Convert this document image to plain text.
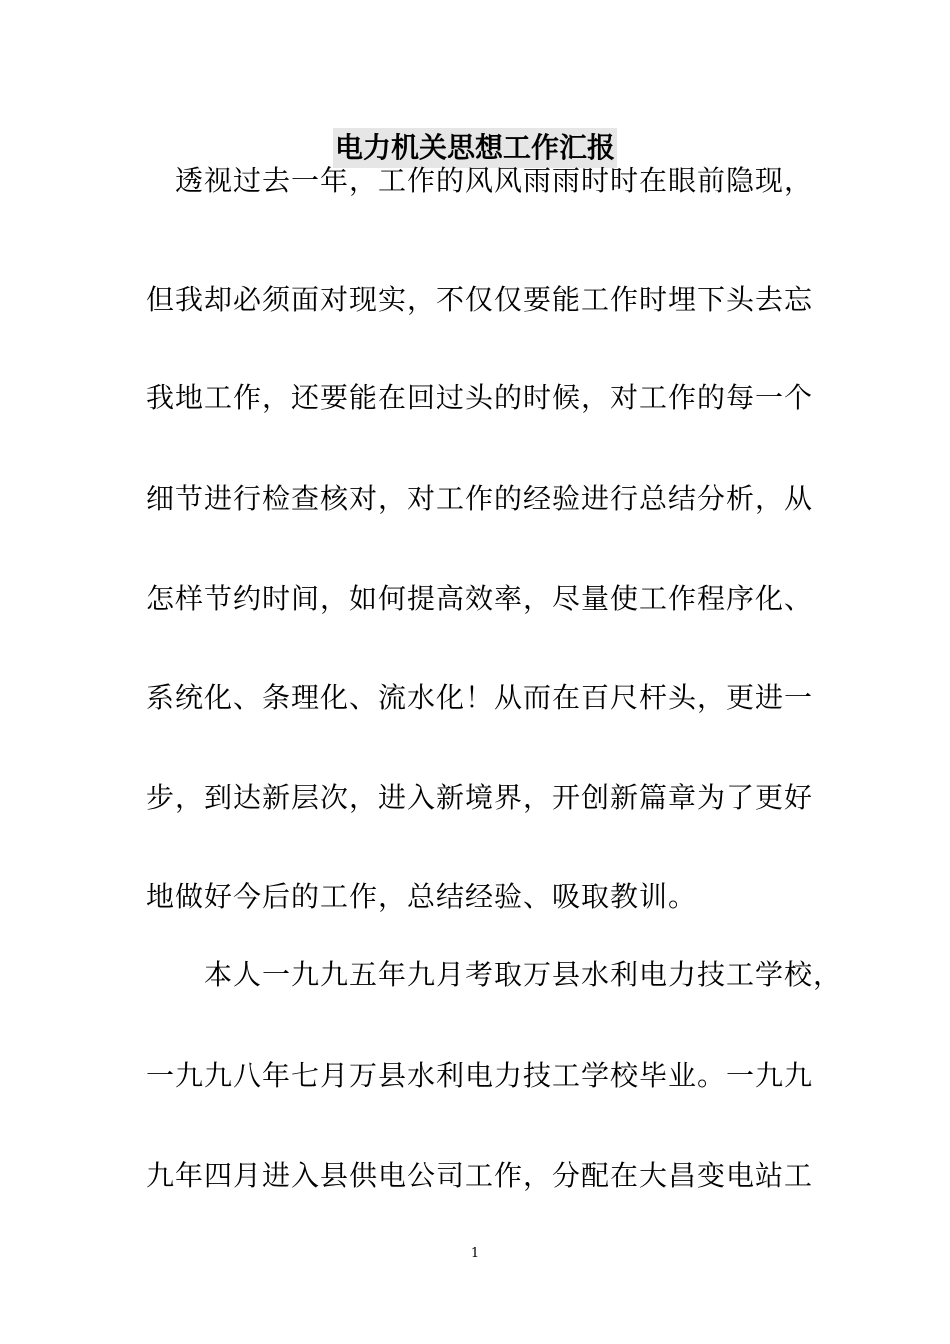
电力机关思想工作汇报
透视过去一年，工作的风风雨雨时时在眼前隐现，
但我却必须面对现实，不仅仅要能工作时埋下头去忘
我地工作，还要能在回过头的时候，对工作的每一个
细节进行检查核对，对工作的经验进行总结分析，从
怎样节约时间，如何提高效率，尽量使工作程序化、
系统化、条理化、流水化！从而在百尺杆头，更进一
步，到达新层次，进入新境界，开创新篇章为了更好
地做好今后的工作，总结经验、吸取教训。
本人一九九五年九月考取万县水利电力技工学校，
一九九八年七月万县水利电力技工学校毕业。一九九
九年四月进入县供电公司工作，分配在大昌变电站工
1
